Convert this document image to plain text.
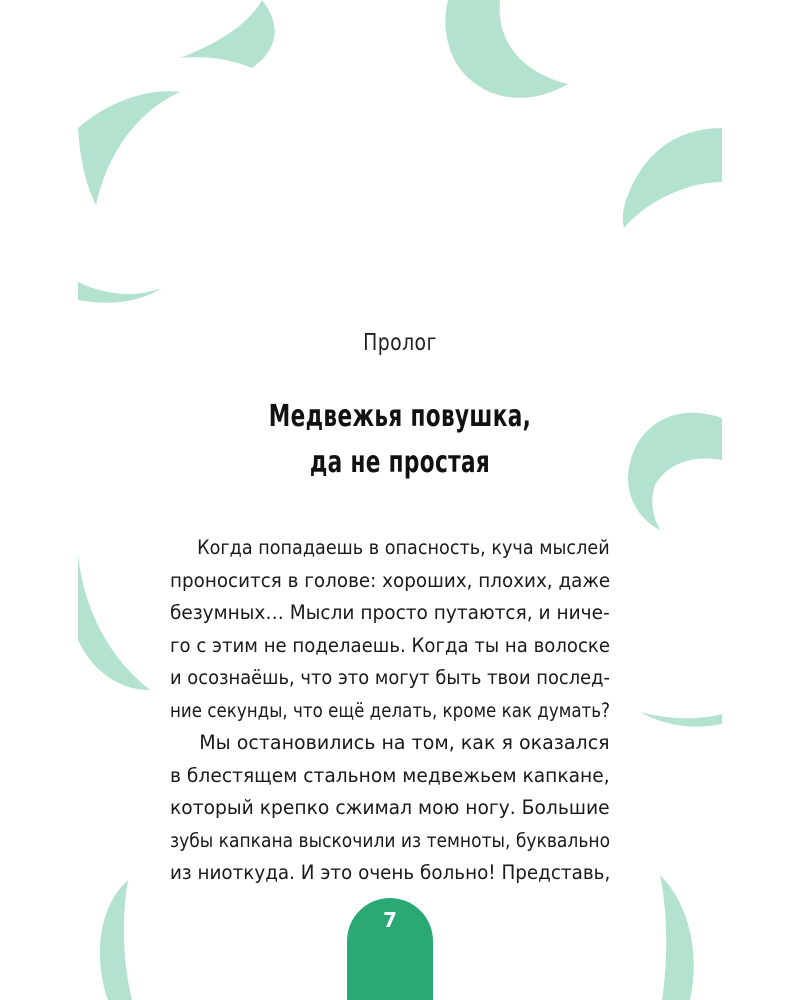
Пролог
Медвежья повушка,
да не простая
Когда попадаешь в опасность, куча мыслей
проносится в голове: хороших, плохих, даже
безумных… Мысли просто путаются, и ниче-
го с этим не поделаешь. Когда ты на волоске
и осознаёшь, что это могут быть твои послед-
ние секунды, что ещё делать, кроме как думать?
Мы остановились на том, как я оказался
в блестящем стальном медвежьем капкане,
который крепко сжимал мою ногу. Большие
зубы капкана выскочили из темноты, буквально
из ниоткуда. И это очень больно! Представь,
7
